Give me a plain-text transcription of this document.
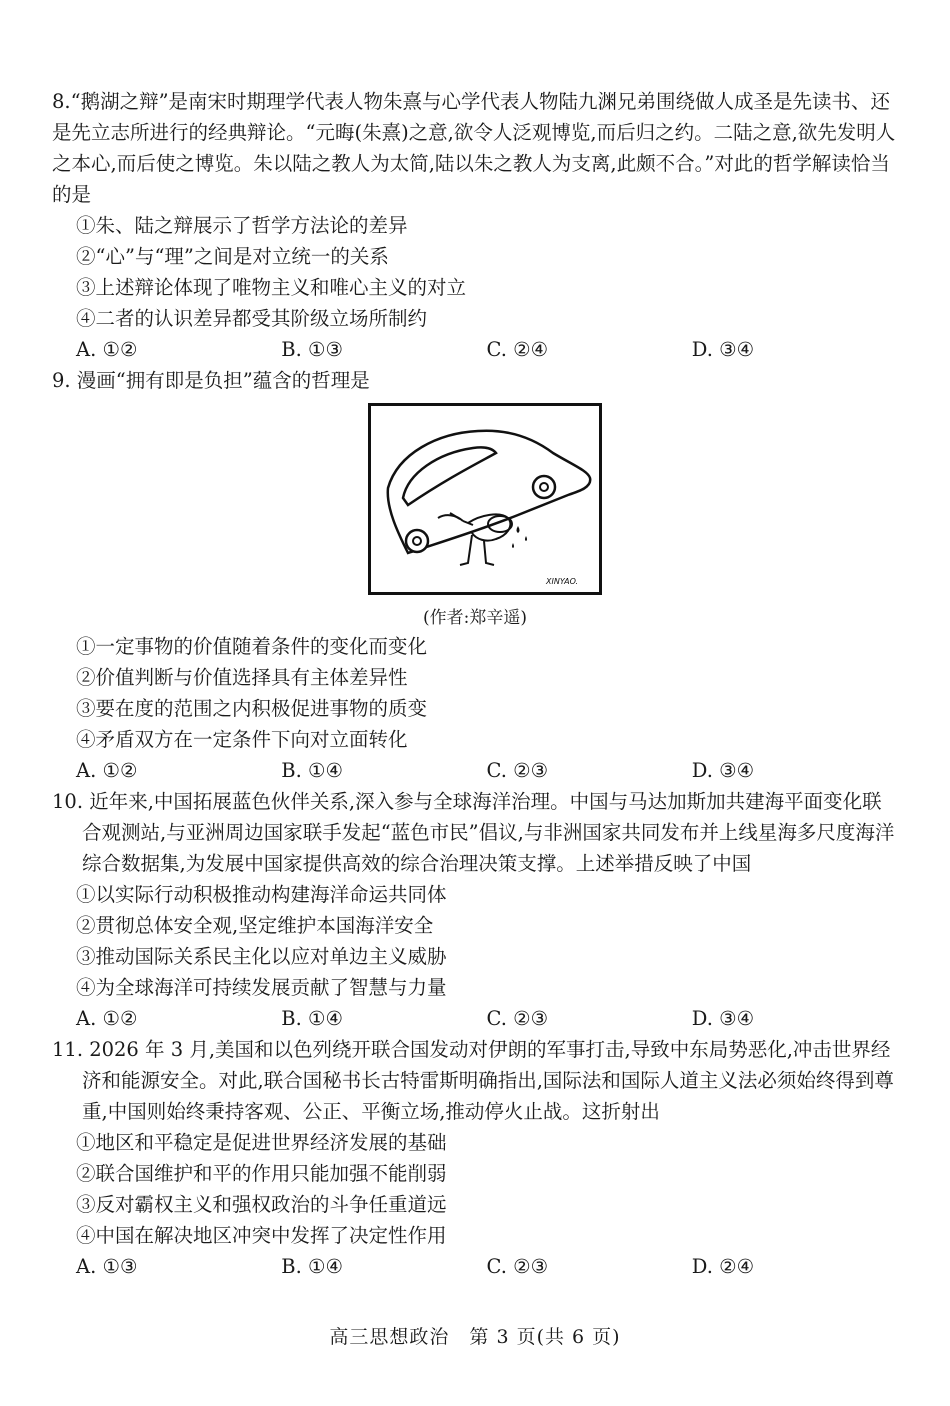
8.“鹅湖之辩”是南宋时期理学代表人物朱熹与心学代表人物陆九渊兄弟围绕做人成圣是先读书、还是先立志所进行的经典辩论。“元晦(朱熹)之意,欲令人泛观博览,而后归之约。二陆之意,欲先发明人之本心,而后使之博览。朱以陆之教人为太简,陆以朱之教人为支离,此颇不合。”对此的哲学解读恰当的是

①朱、陆之辩展示了哲学方法论的差异
②“心”与“理”之间是对立统一的关系
③上述辩论体现了唯物主义和唯心主义的对立
④二者的认识差异都受其阶级立场所制约
A. ①②	B. ①③	C. ②④	D. ③④

9. 漫画“拥有即是负担”蕴含的哲理是

XINYAO.
(作者:郑辛遥)
①一定事物的价值随着条件的变化而变化
②价值判断与价值选择具有主体差异性
③要在度的范围之内积极促进事物的质变
④矛盾双方在一定条件下向对立面转化
A. ①②	B. ①④	C. ②③	D. ③④

10. 近年来,中国拓展蓝色伙伴关系,深入参与全球海洋治理。中国与马达加斯加共建海平面变化联合观测站,与亚洲周边国家联手发起“蓝色市民”倡议,与非洲国家共同发布并上线星海多尺度海洋综合数据集,为发展中国家提供高效的综合治理决策支撑。上述举措反映了中国

①以实际行动积极推动构建海洋命运共同体
②贯彻总体安全观,坚定维护本国海洋安全
③推动国际关系民主化以应对单边主义威胁
④为全球海洋可持续发展贡献了智慧与力量
A. ①②	B. ①④	C. ②③	D. ③④

11. 2026 年 3 月,美国和以色列绕开联合国发动对伊朗的军事打击,导致中东局势恶化,冲击世界经济和能源安全。对此,联合国秘书长古特雷斯明确指出,国际法和国际人道主义法必须始终得到尊重,中国则始终秉持客观、公正、平衡立场,推动停火止战。这折射出

①地区和平稳定是促进世界经济发展的基础
②联合国维护和平的作用只能加强不能削弱
③反对霸权主义和强权政治的斗争任重道远
④中国在解决地区冲突中发挥了决定性作用
A. ①③	B. ①④	C. ②③	D. ②④
高三思想政治　第 3 页(共 6 页)
